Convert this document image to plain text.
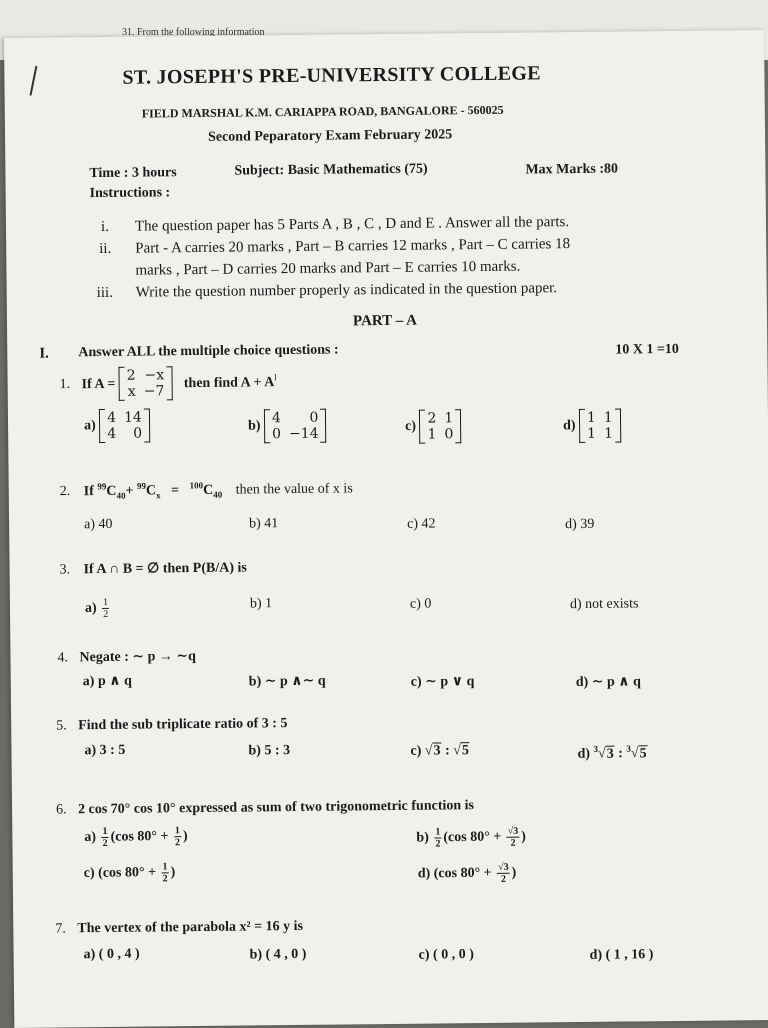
31. From the following information
ST. JOSEPH'S PRE-UNIVERSITY COLLEGE
FIELD MARSHAL K.M. CARIAPPA ROAD, BANGALORE - 560025
Second Peparatory Exam February 2025
Time : 3 hours	Subject: Basic Mathematics (75)	Max Marks :80
Instructions :
i. The question paper has 5 Parts A , B , C , D and E . Answer all the parts.
ii. Part - A carries 20 marks , Part – B carries 12 marks , Part – C carries 18
marks , Part – D carries 20 marks and Part – E carries 10 marks.
iii. Write the question number properly as indicated in the question paper.
PART – A
I. Answer ALL the multiple choice questions :	10 X 1 =10
1. If A =
2 −x
x −7
then find $A + A^l$
a) 4 14
4	0	b) 4	0
0 −14	c) 2 1
1 0
d) 1 1
1 1
2. If $^{99}C_{40}+ ^{99}C_x = ^{100}C_{40}$ then the value of x is
a) 40	b) 41	c) 42	d) 39
3. If A ∩ B = ∅ then P(B/A) is
$a) \frac{1}{2}$	b) 1	c) 0	d) not exists
4. Negate : ∼ p → ∼q
a) p ∧ q	b) ∼ p ∧∼ q	c) ∼ p ∨ q	d) ∼ p ∧ q
5. Find the sub triplicate ratio of 3 : 5
a) 3 : 5	b) 5 : 3	c) √3 : √5	d) $^3$√3 : $^3$√5
6. 2 cos 70° cos 10° expressed as sum of two trigonometric function is
$a) \frac{1}{2} (\cos$ $80^\circ + \frac{1}{2}$ )	$b) \frac{1}{2} (\cos$ $80^\circ + \frac{√3}{2}$ )
c) (cos $80^\circ + \frac{1}{2}$ )	d) (cos $80^\circ + \frac{√3}{2}$ )
7. The vertex of the parabola x² = 16 y is
a) ( 0 , 4 )	b) ( 4 , 0 )	c) ( 0 , 0 )	d) ( 1 , 16 )
